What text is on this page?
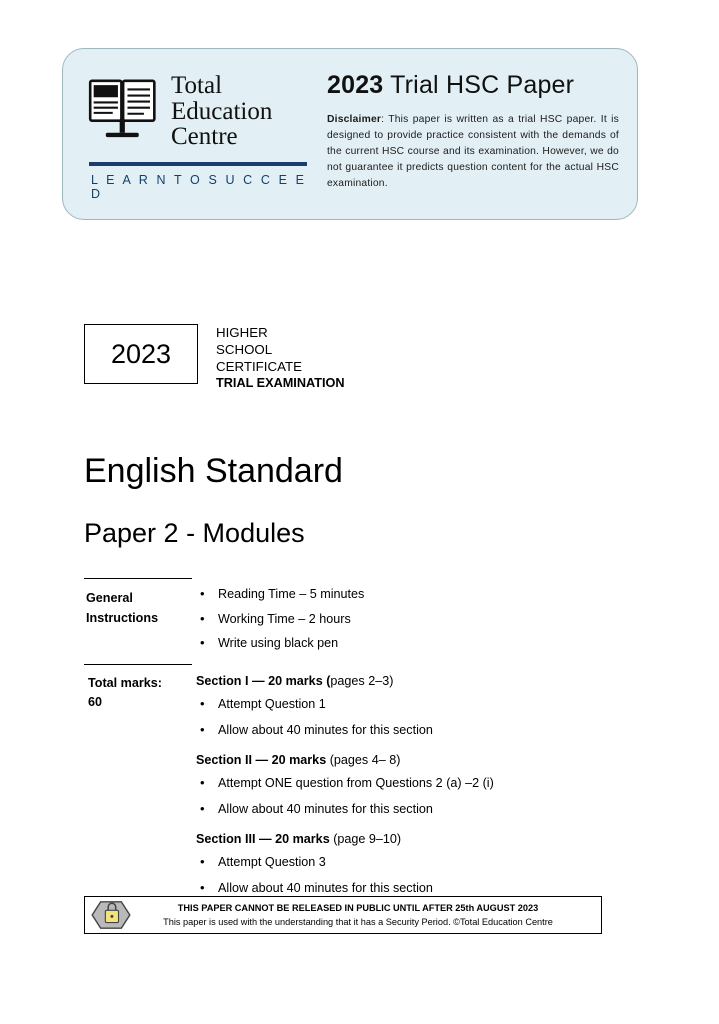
Total
Education
Centre
L E A R N T O S U C C E E D
2023 Trial HSC Paper
Disclaimer: This paper is written as a trial HSC paper. It is designed to provide practice consistent with the demands of the current HSC course and its examination. However, we do not guarantee it predicts question content for the actual HSC examination.
2023
HIGHER
SCHOOL
CERTIFICATE
TRIAL EXAMINATION
English Standard
Paper 2 - Modules
General
Instructions
• Reading Time – 5 minutes
• Working Time – 2 hours
• Write using black pen
Total marks:
60
Section I — 20 marks (pages 2–3)
• Attempt Question 1
• Allow about 40 minutes for this section
Section II — 20 marks (pages 4– 8)
• Attempt ONE question from Questions 2 (a) –2 (i)
• Allow about 40 minutes for this section
Section III — 20 marks (page 9–10)
• Attempt Question 3
• Allow about 40 minutes for this section
THIS PAPER CANNOT BE RELEASED IN PUBLIC UNTIL AFTER 25th AUGUST 2023
This paper is used with the understanding that it has a Security Period. ©Total Education Centre
